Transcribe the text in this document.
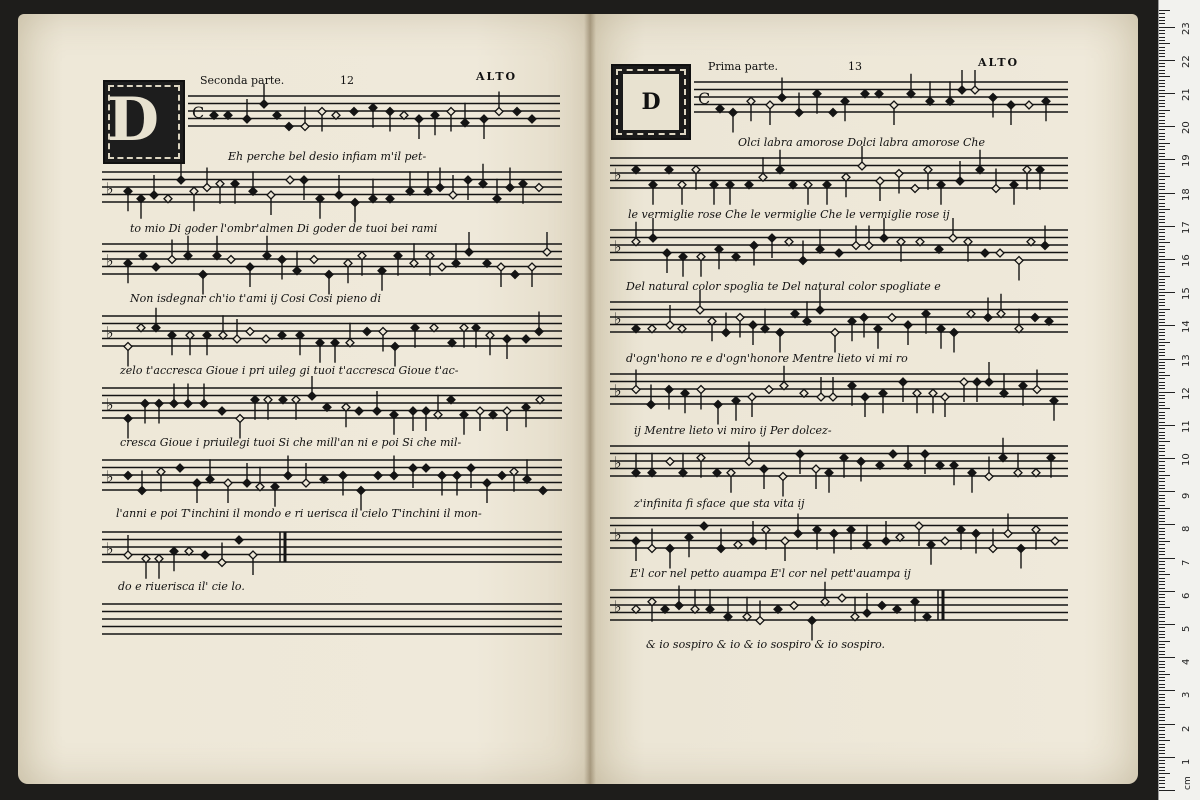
Seconda parte.	12	ALTO
D
Prima parte.	13	ALTO
D
C
♭
♭
♭
♭
♭
♭
C
♭
♭
♭
♭
♭
♭
♭
Eh perche bel desio infiam m'il pet-
to mio Di goder l'ombr'almen Di goder de tuoi bei rami
Non isdegnar ch'io t'ami ij Cosi Cosi pieno di
zelo t'accresca Gioue i pri uileg gi tuoi t'accresca Gioue t'ac-
cresca Gioue i priuilegi tuoi Si che mill'an ni e poi Si che mil-
l'anni e poi T'inchini il mondo e ri uerisca il cielo T'inchini il mon-
do e riuerisca il' cie lo.
Olci labra amorose Dolci labra amorose Che
le vermiglie rose Che le vermiglie Che le vermiglie rose ij
Del natural color spoglia te Del natural color spogliate e
d'ogn'hono re e d'ogn'honore Mentre lieto vi mi ro
ij Mentre lieto vi miro ij Per dolcez-
z'infinita fi sface que sta vita ij
E'l cor nel petto auampa E'l cor nel pett'auampa ij
& io sospiro & io & io sospiro & io sospiro.
cm
1
2
3
4
5
6
7
8
9
10
11
12
13
14
15
16
17
18
19
20
21
22
23
